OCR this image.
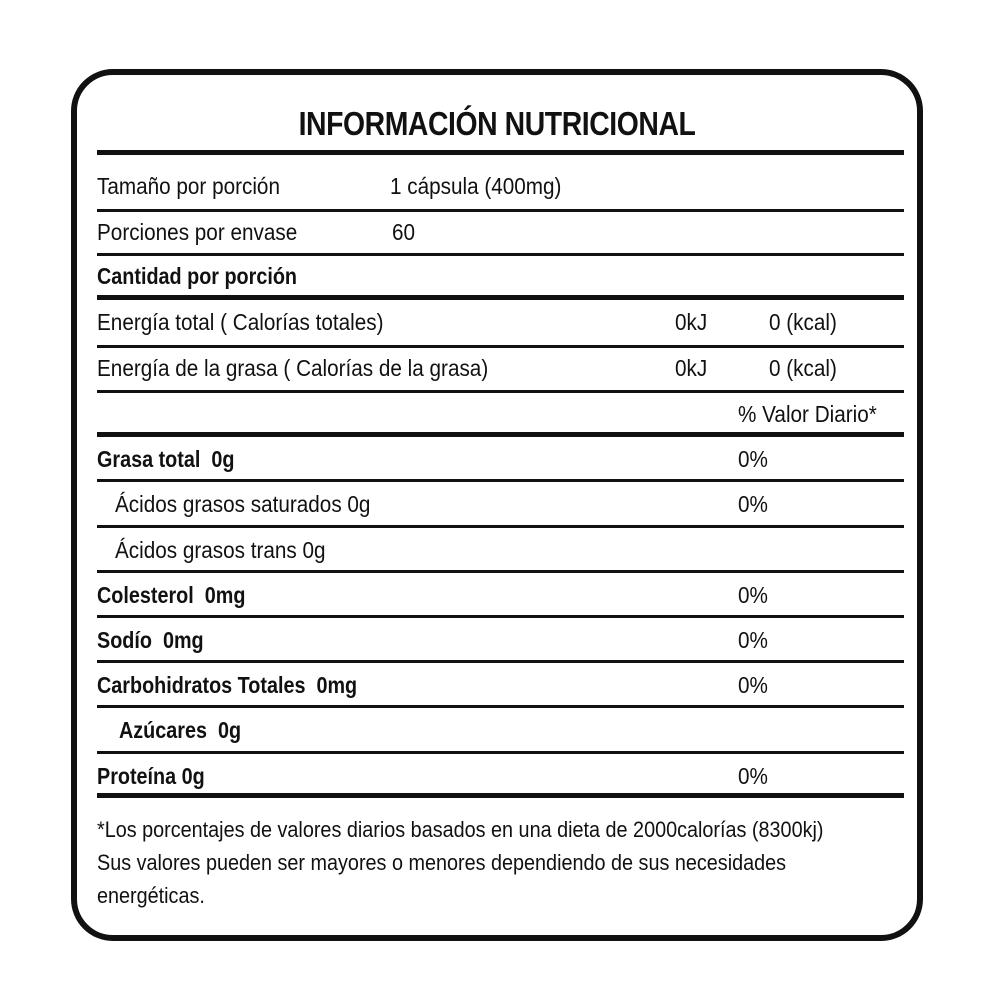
INFORMACIÓN NUTRICIONAL
Tamaño por porción	1 cápsula (400mg)
Porciones por envase	60
Cantidad por porción
Energía total ( Calorías totales)	0kJ	0 (kcal)
Energía de la grasa ( Calorías de la grasa)	0kJ	0 (kcal)
% Valor Diario*
Grasa total 0g	0%
Ácidos grasos saturados 0g	0%
Ácidos grasos trans 0g
Colesterol 0mg	0%
Sodío 0mg	0%
Carbohidratos Totales 0mg	0%
Azúcares 0g
Proteína 0g	0%
*Los porcentajes de valores diarios basados en una dieta de 2000calorías (8300kj)
Sus valores pueden ser mayores o menores dependiendo de sus necesidades
energéticas.
